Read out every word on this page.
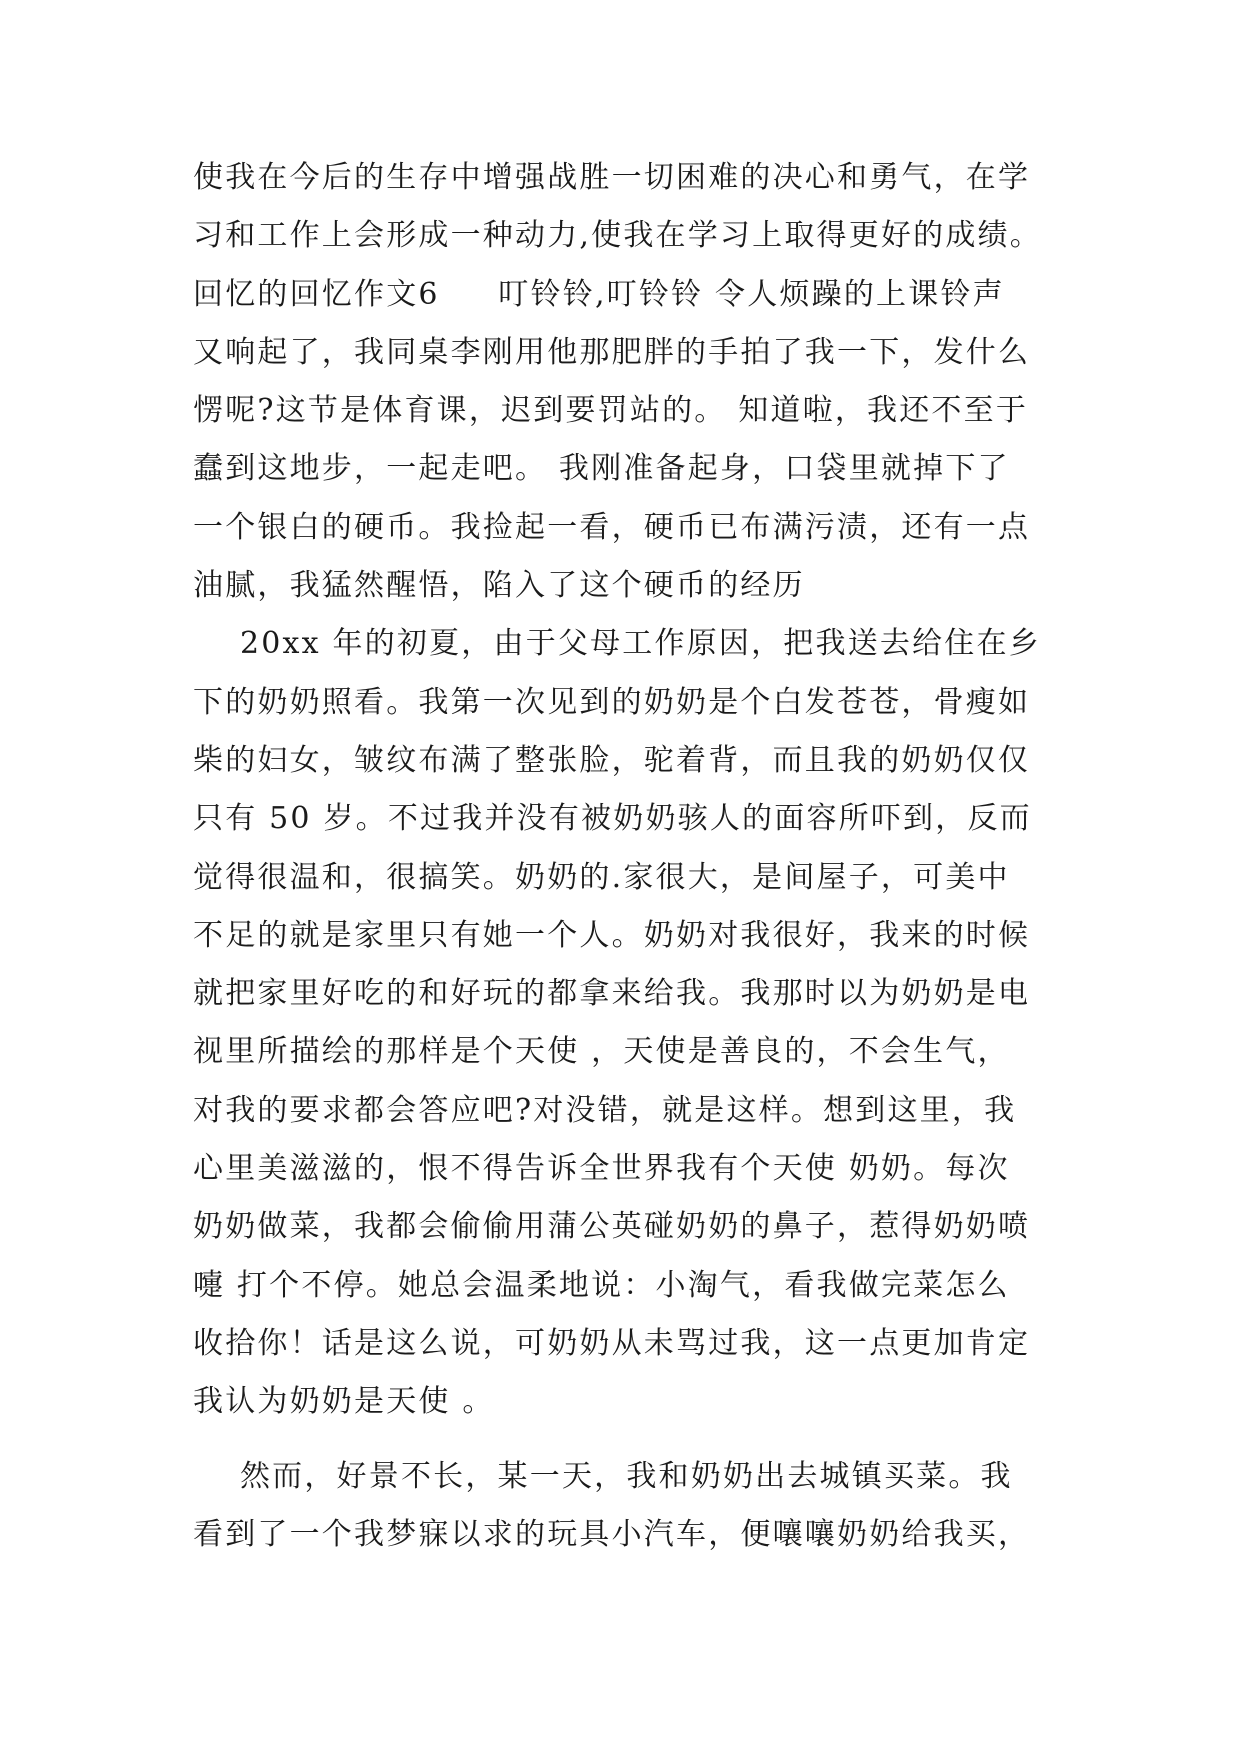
使我在今后的生存中增强战胜一切困难的决心和勇气，在学
习和工作上会形成一种动力,使我在学习上取得更好的成绩。
回忆的回忆作文6     叮铃铃,叮铃铃 令人烦躁的上课铃声
又响起了，我同桌李刚用他那肥胖的手拍了我一下，发什么
愣呢?这节是体育课，迟到要罚站的。 知道啦，我还不至于
蠢到这地步，一起走吧。 我刚准备起身，口袋里就掉下了
一个银白的硬币。我捡起一看，硬币已布满污渍，还有一点
油腻，我猛然醒悟，陷入了这个硬币的经历
20xx 年的初夏，由于父母工作原因，把我送去给住在乡
下的奶奶照看。我第一次见到的奶奶是个白发苍苍，骨瘦如
柴的妇女，皱纹布满了整张脸，驼着背，而且我的奶奶仅仅
只有 50 岁。不过我并没有被奶奶骇人的面容所吓到，反而
觉得很温和，很搞笑。奶奶的.家很大，是间屋子，可美中
不足的就是家里只有她一个人。奶奶对我很好，我来的时候
就把家里好吃的和好玩的都拿来给我。我那时以为奶奶是电
视里所描绘的那样是个天使 ，天使是善良的，不会生气，
对我的要求都会答应吧?对没错，就是这样。想到这里，我
心里美滋滋的，恨不得告诉全世界我有个天使 奶奶。每次
奶奶做菜，我都会偷偷用蒲公英碰奶奶的鼻子，惹得奶奶喷
嚏 打个不停。她总会温柔地说：小淘气，看我做完菜怎么
收拾你！话是这么说，可奶奶从未骂过我，这一点更加肯定
我认为奶奶是天使 。
然而，好景不长，某一天，我和奶奶出去城镇买菜。我
看到了一个我梦寐以求的玩具小汽车，便嚷嚷奶奶给我买，
